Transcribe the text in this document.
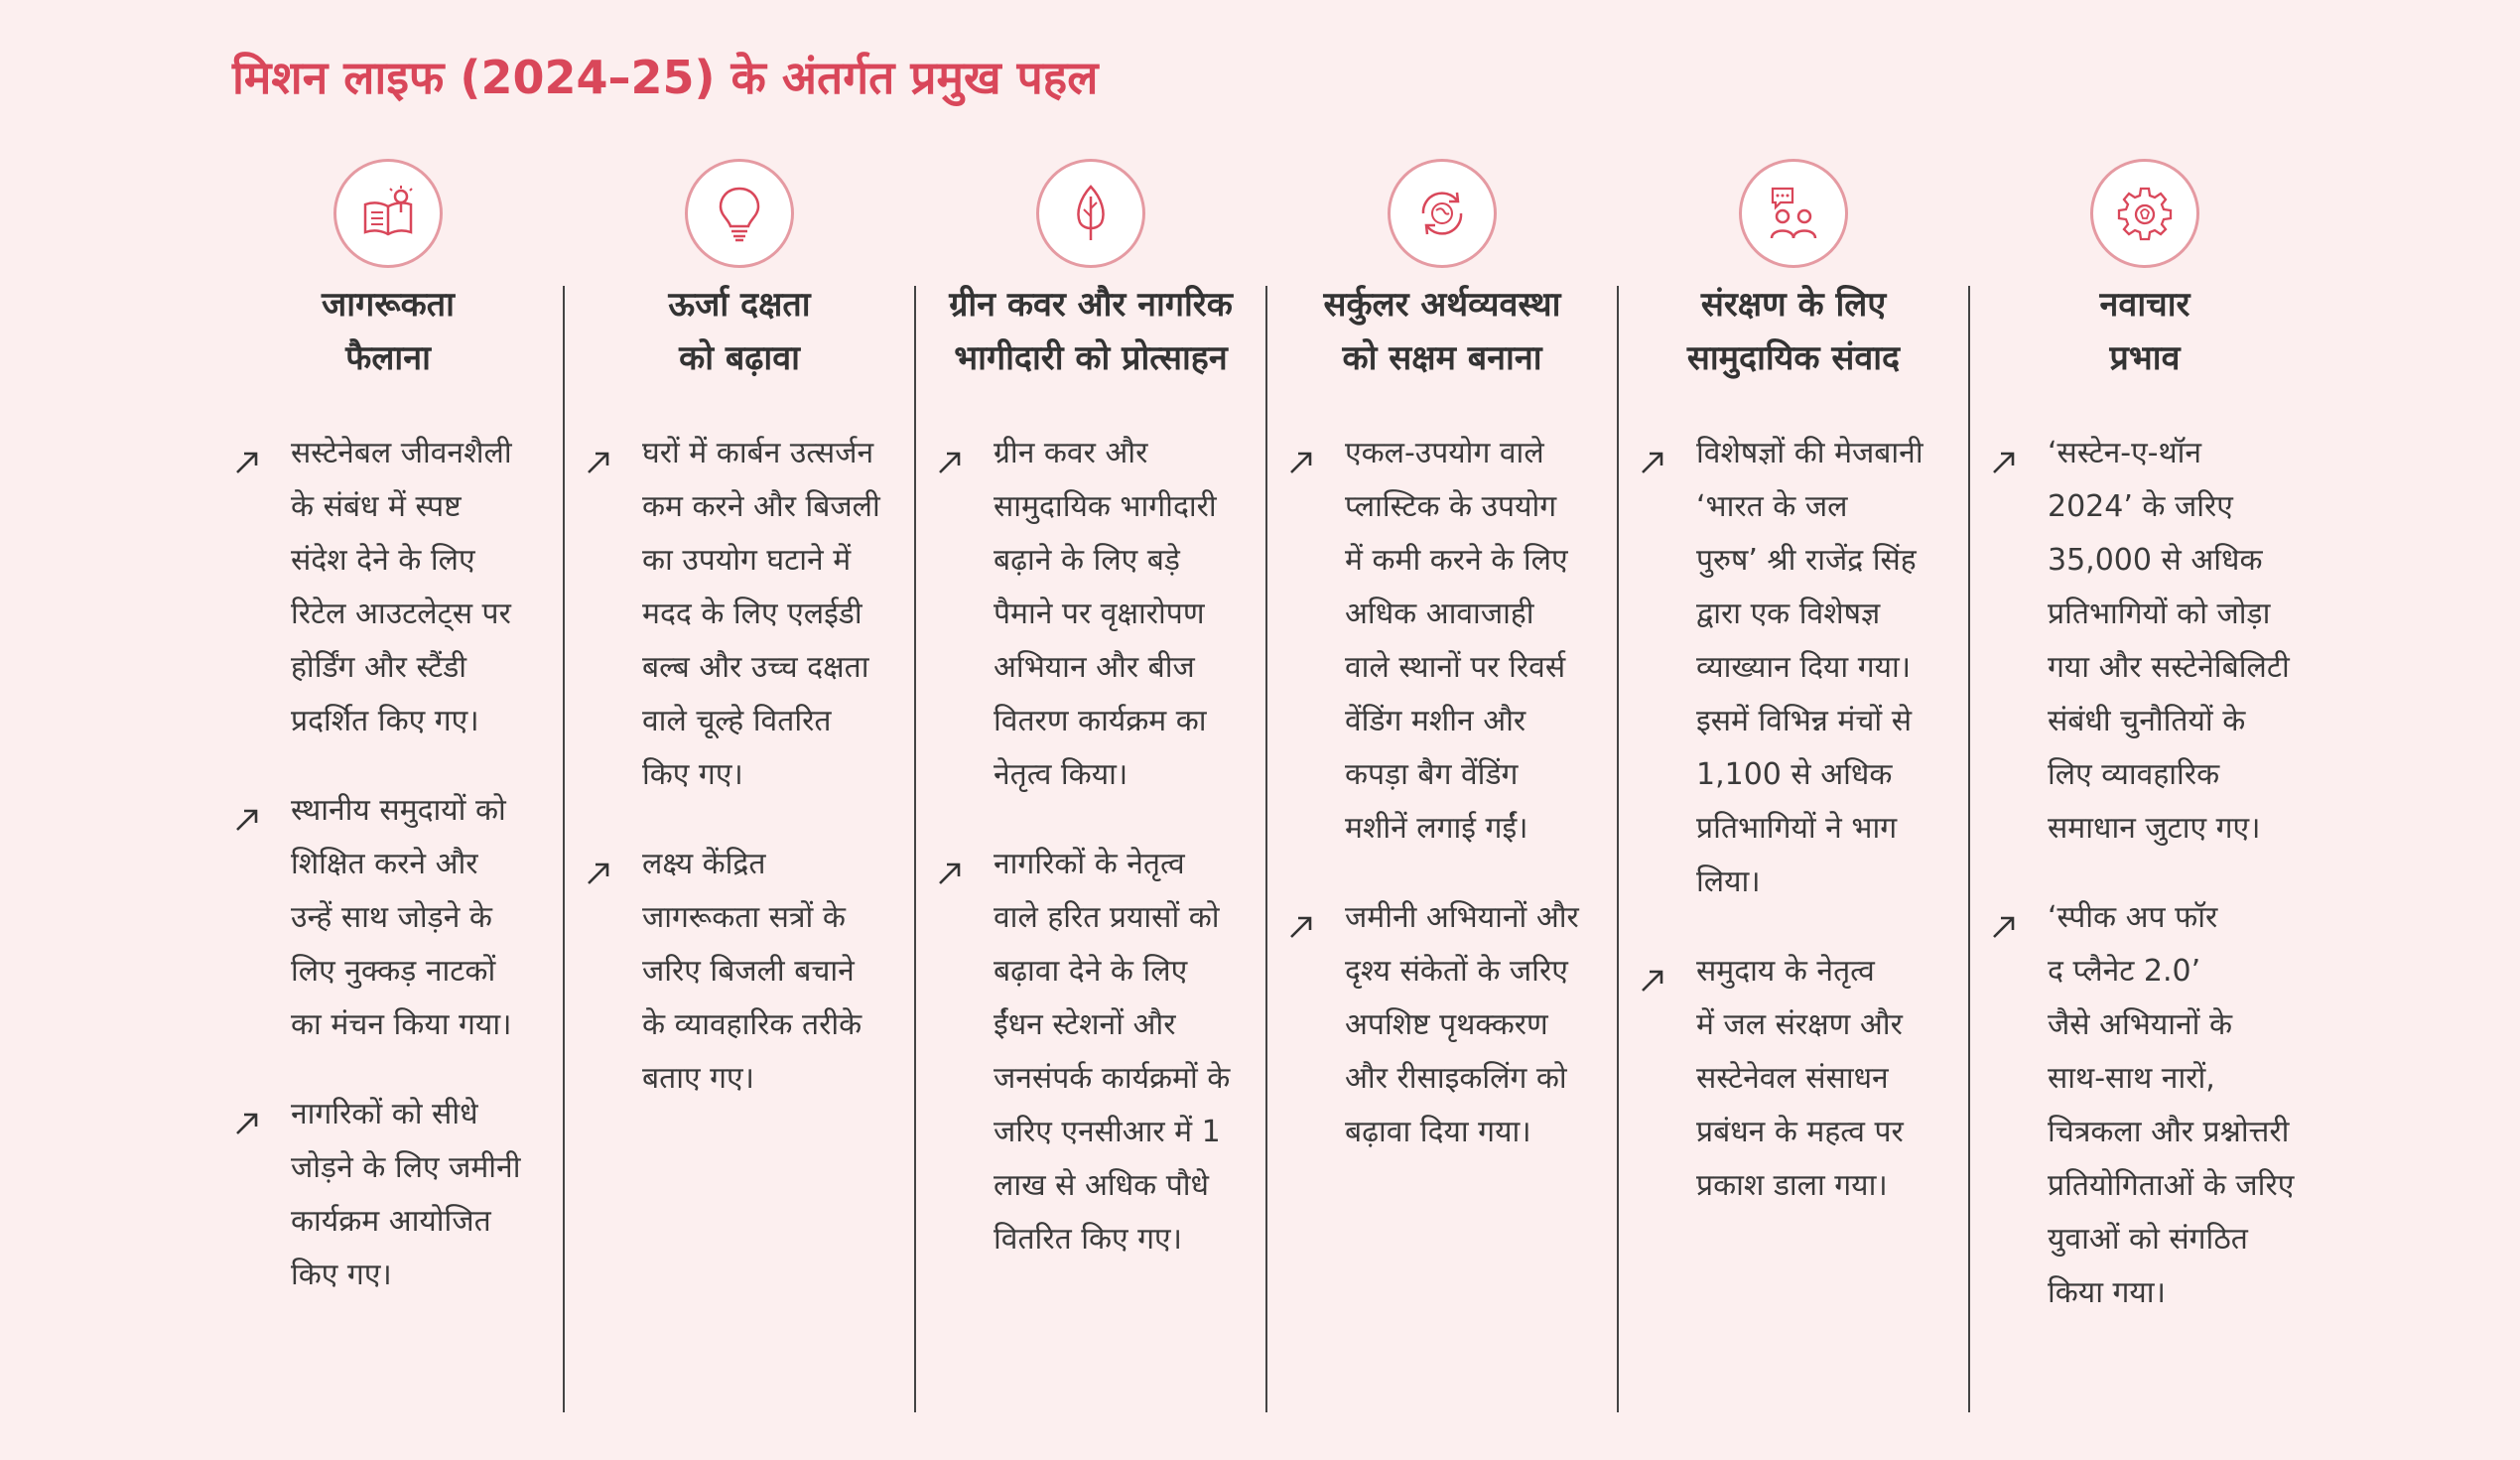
मिशन लाइफ (2024–25) के अंतर्गत प्रमुख पहल
जागरूकता
फैलाना
सस्टेनेबल जीवनशैली
के संबंध में स्पष्ट
संदेश देने के लिए
रिटेल आउटलेट्स पर
होर्डिंग और स्टैंडी
प्रदर्शित किए गए।
स्थानीय समुदायों को
शिक्षित करने और
उन्हें साथ जोड़ने के
लिए नुक्कड़ नाटकों
का मंचन किया गया।
नागरिकों को सीधे
जोड़ने के लिए जमीनी
कार्यक्रम आयोजित
किए गए।
ऊर्जा दक्षता
को बढ़ावा
घरों में कार्बन उत्सर्जन
कम करने और बिजली
का उपयोग घटाने में
मदद के लिए एलईडी
बल्ब और उच्च दक्षता
वाले चूल्हे वितरित
किए गए।
लक्ष्य केंद्रित
जागरूकता सत्रों के
जरिए बिजली बचाने
के व्यावहारिक तरीके
बताए गए।
ग्रीन कवर और नागरिक
भागीदारी को प्रोत्साहन
ग्रीन कवर और
सामुदायिक भागीदारी
बढ़ाने के लिए बड़े
पैमाने पर वृक्षारोपण
अभियान और बीज
वितरण कार्यक्रम का
नेतृत्व किया।
नागरिकों के नेतृत्व
वाले हरित प्रयासों को
बढ़ावा देने के लिए
ईंधन स्टेशनों और
जनसंपर्क कार्यक्रमों के
जरिए एनसीआर में 1
लाख से अधिक पौधे
वितरित किए गए।
सर्कुलर अर्थव्यवस्था
को सक्षम बनाना
एकल-उपयोग वाले
प्लास्टिक के उपयोग
में कमी करने के लिए
अधिक आवाजाही
वाले स्थानों पर रिवर्स
वेंडिंग मशीन और
कपड़ा बैग वेंडिंग
मशीनें लगाई गईं।
जमीनी अभियानों और
दृश्य संकेतों के जरिए
अपशिष्ट पृथक्करण
और रीसाइकलिंग को
बढ़ावा दिया गया।
संरक्षण के लिए
सामुदायिक संवाद
विशेषज्ञों की मेजबानी
‘भारत के जल
पुरुष’ श्री राजेंद्र सिंह
द्वारा एक विशेषज्ञ
व्याख्यान दिया गया।
इसमें विभिन्न मंचों से
1,100 से अधिक
प्रतिभागियों ने भाग
लिया।
समुदाय के नेतृत्व
में जल संरक्षण और
सस्टेनेवल संसाधन
प्रबंधन के महत्व पर
प्रकाश डाला गया।
नवाचार
प्रभाव
‘सस्टेन-ए-थॉन
2024’ के जरिए
35,000 से अधिक
प्रतिभागियों को जोड़ा
गया और सस्टेनेबिलिटी
संबंधी चुनौतियों के
लिए व्यावहारिक
समाधान जुटाए गए।
‘स्पीक अप फॉर
द प्लैनेट 2.0’
जैसे अभियानों के
साथ-साथ नारों,
चित्रकला और प्रश्नोत्तरी
प्रतियोगिताओं के जरिए
युवाओं को संगठित
किया गया।
